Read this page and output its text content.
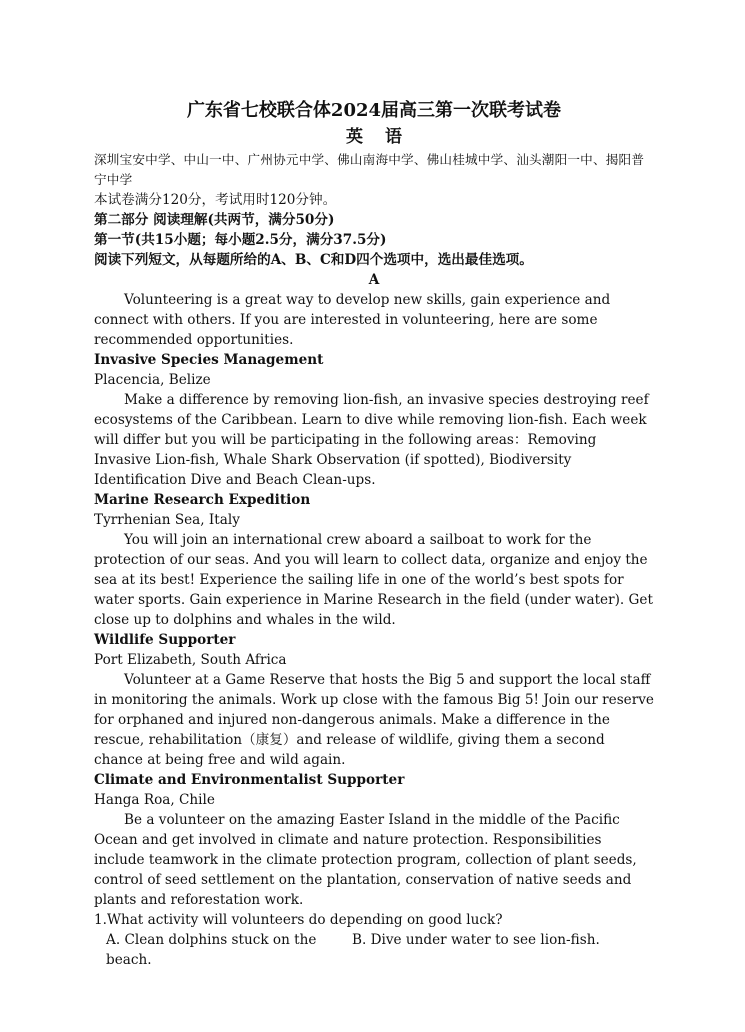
广东省七校联合体2024届高三第一次联考试卷

英 语

深圳宝安中学、中山一中、广州协元中学、佛山南海中学、佛山桂城中学、汕头潮阳一中、揭阳普宁中学

本试卷满分120分，考试用时120分钟。

第二部分 阅读理解(共两节，满分50分)

第一节(共15小题；每小题2.5分，满分37.5分)

阅读下列短文，从每题所给的A、B、C和D四个选项中，选出最佳选项。

A

Volunteering is a great way to develop new skills, gain experience and connect with others. If you are interested in volunteering, here are some recommended opportunities.

Invasive Species Management

Placencia, Belize

Make a difference by removing lion-fish, an invasive species destroying reef ecosystems of the Caribbean. Learn to dive while removing lion-fish. Each week will differ but you will be participating in the following areas：Removing Invasive Lion-fish, Whale Shark Observation (if spotted), Biodiversity Identification Dive and Beach Clean-ups.

Marine Research Expedition

Tyrrhenian Sea, Italy

You will join an international crew aboard a sailboat to work for the protection of our seas. And you will learn to collect data, organize and enjoy the sea at its best! Experience the sailing life in one of the world’s best spots for water sports. Gain experience in Marine Research in the field (under water). Get close up to dolphins and whales in the wild.

Wildlife Supporter

Port Elizabeth, South Africa

Volunteer at a Game Reserve that hosts the Big 5 and support the local staff in monitoring the animals. Work up close with the famous Big 5! Join our reserve for orphaned and injured non-dangerous animals. Make a difference in the rescue, rehabilitation（康复）and release of wildlife, giving them a second chance at being free and wild again.

Climate and Environmentalist Supporter

Hanga Roa, Chile

Be a volunteer on the amazing Easter Island in the middle of the Pacific Ocean and get involved in climate and nature protection. Responsibilities include teamwork in the climate protection program, collection of plant seeds, control of seed settlement on the plantation, conservation of native seeds and plants and reforestation work.

1.What activity will volunteers do depending on good luck?

A. Clean dolphins stuck on the beach.
B. Dive under water to see lion-fish.
